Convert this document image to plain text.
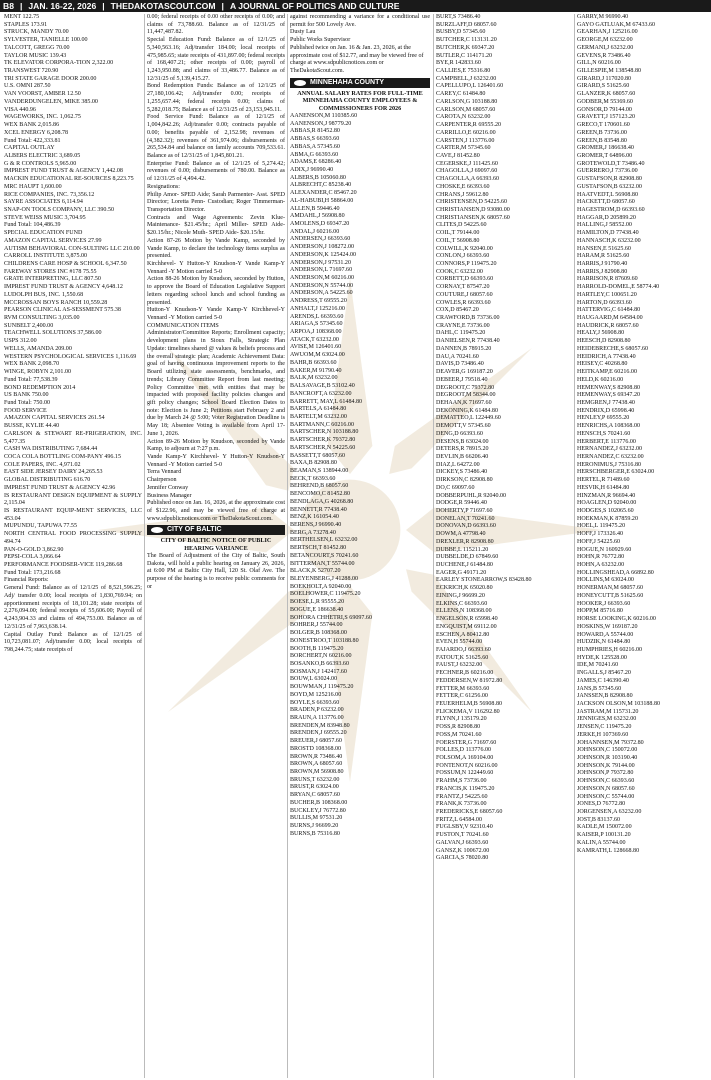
B8 | JAN. 16-22, 2026 | THEDAKOTASCOUT.COM | A JOURNAL OF POLITICS AND CULTURE

MENT 122.75

STAPLES 173.91

STRUCK, MANDY 70.00

SYLVESTER, TANIELLE 100.00

TALCOTT, GREGG 70.00

TAYLOR MUSIC 139.43

TK ELEVATOR CORPORA-TION 2,322.00

TRANSWEST 720.90

TRI STATE GARAGE DOOR 200.00

U.S. OMNI 287.50

VAN VOORST, AMBER 12.50

VANDERDUNGELEN, MIKE 385.00

VISA 440.96

WAGEWORKS, INC. 1,062.75

WEX BANK 2,015.86

XCEL ENERGY 6,208.78

Fund Total: 422,333.81

CAPITAL OUTLAY

ALBERS ELECTRIC 3,689.05

G & R CONTROLS 5,965.00

IMPREST FUND TRUST & AGENCY 1,442.08

MACKIN EDUCATIONAL RE-SOURCES 8,223.75

MRC HAUPT 1,600.00

RICE COMPANIES, INC. 73,356.12

SAYRE ASSOCIATES 6,114.94

SNAP-ON TOOLS COMPANY, LLC 390.50

STEVE WEISS MUSIC 3,704.95

Fund Total: 104,486.39

SPECIAL EDUCATION FUND

AMAZON CAPITAL SERVICES 27.99

AUTISM BEHAVIORAL CON-SULTING LLC 210.00

CARROLL INSTITUTE 3,875.00

CHILDRENS CARE HOSP & SCHOOL 6,347.50

FAREWAY STORES INC #178 75.55

GRATE INTERPRETING, LLC 807.50

IMPREST FUND TRUST & AGENCY 4,648.12

LUDOLPH BUS, INC. 1,550.68

MCCROSSAN BOYS RANCH 10,559.28

PEARSON CLINICAL AS-SESSMENT 575.38

RVM CONSULTING 3,035.00

SUNBELT 2,400.00

TEACHWELL SOLUTIONS 37,586.00

USPS 312.00

WELLS, AMANDA 209.00

WESTERN PSYCHOLOGICAL SERVICES 1,116.69

WEX BANK 2,098.70

WINGE, ROBYN 2,101.00

Fund Total: 77,538.39

BOND REDEMPTION 2014

US BANK 750.00

Fund Total: 750.00

FOOD SERVICE

AMAZON CAPITAL SERVICES 261.54

BUSSE, KYLIE 44.40

CARLSON & STEWART RE-FRIGERATION, INC. 5,477.35

CASH WA DISTRIBUTING 7,684.44

COCA COLA BOTTLING COM-PANY 496.15

COLE PAPERS, INC. 4,971.02

EAST SIDE JERSEY DAIRY 24,265.53

GLOBAL DISTRIBUTING 616.70

IMPREST FUND TRUST & AGENCY 42.96

IS RESTAURANT DESIGN EQUIPMENT & SUPPLY 2,115.04

IS RESTAURANT EQUIP-MENT SERVICES, LLC 453.04

MUPUNDU, TAPUWA 77.55

NORTH CENTRAL FOOD PROCESSING SUPPLY 494.74

PAN-O-GOLD 3,862.90

PEPSI-COLA 3,066.64

PERFORMANCE FOODSER-VICE 119,286.68

Fund Total: 173,216.68

Financial Reports:

General Fund: Balance as of 12/1/25 of 8,521,596.25; Adj/ transfer 0.00; local receipts of 1,830,769.94; on apportionment receipts of 18,101.28; state receipts of 2,276,094.00; federal receipts of 55,606.00; Payroll of 4,243,904.33 and claims of 494,753.00. Balance as of 12/31/25 of 7,963,638.14.

Capital Outlay Fund: Balance as of 12/1/25 of 10,723,081.07; Adj/transfer 0.00; local receipts of 798,244.75; state receipts of

0.00; federal receipts of 0.00 other receipts of 0.00; and claims of 73,788.60. Balance as of 12/31/25 of 11,447,487.82.

Special Education Fund: Balance as of 12/1/25 of 5,340,563.16; Adj/transfer 184.00; local receipts of 475,985.65; state receipts of 431,897.00; federal receipts of 168,407.21; other receipts of 0.00; payroll of 1,243,950.88; and claims of 33,486.77. Balance as of 12/31/25 of 5,139,415.27.

Bond Redemption Funds: Balance as of 12/1/25 of 27,180,106.42; Adj/transfer 0.00; receipts of 1,255,657.44; federal receipts 0.00; claims of 5,282,018.75; Balance as of 12/31/25 of 23,153,945.11.

Food Service Fund: Balance as of 12/1/25 of 1,004,842.26; Adj/transfer 0.00; contracts payable of 0.00; benefits payable of 2,152.98; revenues of (4,382.32); revenues of 361,974.06; disbursements of 265,534.84 and balance on family accounts 709,533.61. Balance as of 12/31/25 of 1,845,801.21.

Enterprise Fund: Balance as of 12/1/25 of 5,274.42; revenues of 0.00; disbursements of 780.00. Balance as of 12/31/25 of 4,494.42.

Resignations:

Philip Amor- SPED Aide; Sarah Parmenter- Asst. SPED Director; Loretta Penn- Custodian; Roger Timmerman- Transportation Director.

Contracts and Wage Agreements: Zevin Klue- Maintenance- $21.45/hr.; April Miller- SPED Aide- $20.15/hr.; Nicole Muth- SPED Aide- $20.15/hr.

Action 87-26 Motion by Vande Kamp, seconded by Vande Kamp, to declare the technology items surplus as presented.

Kirchhevel- Y Hutton-Y Knudson-Y Vande Kamp-Y Vennard -Y Motion carried 5-0

Action 88-26 Motion by Knudson, seconded by Hutton, to approve the Board of Education Legislative Support letters regarding school lunch and school funding as presented.

Hutton-Y Knudson-Y Vande Kamp-Y Kirchhevel-Y Vennard -Y Motion carried 5-0

COMMUNICATION ITEMS

Administrator/Committee Reports; Enrollment capacity; development plans in Sioux Falls, Strategic Plan Update: timelines shared @ values & beliefs process and the overall strategic plan; Academic Achievement Data: goal of having continuous improvement reports to the Board utilizing state assessments, benchmarks, and trends; Library Committee Report from last meeting; Policy Committee met with entities that may be impacted with proposed facility policies changes and gift policy changes; School Board Election Dates to note: Election is June 2; Petitions start February 2 and due by March 24 @ 5:00; Voter Registration Deadline is May 18; Absentee Voting is available from April 17- June 1, 2026.

Action 89-26 Motion by Knudson, seconded by Vande Kamp, to adjourn at 7:27 p.m.

Vande Kamp-Y Kirchhevel- Y Hutton-Y Knudson-Y Vennard -Y Motion carried 5-0

Terra Vennard

Chairperson

Jennifer Conway

Business Manager

Published once on Jan. 16, 2026, at the approximate cost of $122.96, and may be viewed free of charge at www.sdpublicnotices.com or TheDakotaScout.com.

CITY OF BALTIC

CITY OF BALTIC NOTICE OF PUBLIC HEARING VARIANCE

The Board of Adjustment of the City of Baltic, South Dakota, will hold a public hearing on January 26, 2026, at 6:00 PM at Baltic City Hall, 120 St. Olaf Ave. The purpose of the hearing is to receive public comments for or

against recommending a variance for a conditional use permit for 500 Lovely Ave.

Dusty Lau

Public Works Supervisor

Published twice on Jan. 16 & Jan. 23, 2026, at the approximate cost of $12.77, and may be viewed free of charge at www.sdpublicnotices.com or TheDakotaScout.com.

MINNEHAHA COUNTY

ANNUAL SALARY RATES FOR FULL-TIME MINNEHAHA COUNTY EMPLOYEES & COMMISSIONERS FOR 2026

AANENSON,M 110385.60

AANENSON,J 98779.20

ABBAS,R 81452.80

ABBAS,S 66393.60

ABBAS,A 57345.60

ABMA,G 66393.60

ADAMS,E 68286.40

ADIX,J 96990.40

ALBERS,B 105060.80

ALBRECHT,C 85238.40

ALEXANDER,C 85467.20

AL-HABUBI,H 58864.00

ALLEN,B 59446.40

AMDAHL,J 56908.80

AMOLENS,D 69347.20

ANDAL,J 60216.00

ANDERSEN,J 66393.60

ANDERSON,J 108272.00

ANDERSON,K 125424.00

ANDERSON,J 97531.20

ANDERSON,L 71697.60

ANDERSON,M 60216.00

ANDERSON,N 55744.00

ANDERSON,A 54225.60

ANDRESS,T 69555.20

ANHALT,J 125216.00

ARENDS,L 66393.60

ARIAGA,S 57345.60

ARPOA,J 108368.00

ATACK,T 63232.00

AVISE,M 126401.60

AWUOM,M 63024.00

BAHR,B 66393.60

BAKER,M 91790.40

BALK,M 63232.00

BALSAVAGE,B 53102.40

BANCROFT,A 63232.00

BARRETT, MAY,L 61484.80

BARTELS,A 61484.80

BARTELT,M 63232.00

BARTMANN,C 60216.00

BARTSCHER,N 103188.80

BARTSCHER,K 79372.80

BARTSCHER,N 54225.60

BASSETT,T 68057.60

BAXA,B 82908.80

BEAMAN,S 138944.00

BECK,T 66393.60

BEHREND,B 68057.60

BENCOMO,C 81452.80

BENDLAGA,G 40268.80

BENNETT,R 77438.40

BENZ,K 161054.40

BERENS,J 96990.40

BERG,A 73278.40

BERTHELSEN,L 63232.00

BERTSCH,T 81452.80

BETANCOURT,S 70241.60

BITTERMAN,T 55744.00

BLACK,K 52707.20

BLEYENBERG,J 41288.00

BOEKHOLT,A 92040.00

BOELHOWER,C 119475.20

BOESE,L,R 95555.20

BOGUE,E 186638.40

BOHORA CHHETRI,S 69097.60

BOHRER,J 55744.00

BOLGER,B 108368.00

BONESTROO,T 103188.80

BOOTH,B 119475.20

BORCHERT,N 60216.00

BOSANKO,B 66393.60

BOSMAN,J 142417.60

BOUW,L 63024.00

BOUWMAN,J 119475.20

BOYD,M 125216.00

BOYLE,S 66393.60

BRADEN,P 63232.00

BRAUN,A 113776.00

BRENDEN,M 83948.80

BRENDEN,J 69555.20

BREUER,J 68057.60

BROSTD 108368.00

BROWN,R 73486.40

BROWN,A 68057.60

BROWN,M 56908.80

BRUNS,T 63232.00

BRUST,R 63024.00

BRYAN,C 68057.60

BUCHER,B 108368.00

BUCKLEY,J 76772.80

BULLIS,M 97531.20

BURNS,J 96699.20

BURNS,B 75316.80

BURT,S 73486.40

BURZLAFF,D 68057.60

BUSBY,D 57345.60

BUTCHER,C 113131.20

BUTCHER,K 69347.20

BUTLER,C 114171.20

BYE,R 142833.60

CALLIES,E 75316.80

CAMPBELL,J 63232.00

CAPELLUPO,L 126401.60

CAREY,C 61484.80

CARLSON,G 103188.80

CARLSON,M 68057.60

CAROTA,N 63232.00

CARPENTER,R 69555.20

CARRILLO,E 60216.00

CARSTEN,J 113776.00

CARTER,M 57345.60

CAVE,J 81452.80

CEGERSKE,J 111425.60

CHAGOLLA,J 69097.60

CHAGOLLA,A 66393.60

CHOSKE,E 66393.60

CHRANS,J 59612.80

CHRISTENSEN,D 54225.60

CHRISTIANSEN,D 93080.00

CHRISTIANSEN,K 68057.60

CLITES,D 54225.60

COIL,T 79144.00

COIL,T 56908.80

COLWILL,K 92040.00

CONLON,J 66393.60

CONNORS,P 119475.20

COOK,C 63232.00

CORBETT,D 66393.60

CORNAY,T 87547.20

COUTURE,J 68057.60

COWLES,R 66393.60

COX,D 85467.20

CRAWFORD,B 73736.00

CRAYNE,E 73736.00

DAHL,C 119475.20

DANIELSEN,R 77438.40

DANNEN,B 78915.20

DAU,A 70241.60

DAVIS,D 73486.40

DEAVER,G 169187.20

DEBEER,J 79518.40

DEGROOT,C 79372.80

DEGROOT,M 58344.00

DEHAAN,K 71697.60

DEKONING,K 61484.80

DEMATTEO,L 122449.60

DEMOTT,V 57345.60

DENG,D 66393.60

DESENS,B 63024.00

DETERS,R 78915.20

DEVLIN,B 66206.40

DIAZ,L 64272.00

DICKEY,S 73486.40

DIRKSON,C 82908.80

DO,C 69097.60

DOBBERPUHL,R 92040.00

DODGE,R 59446.40

DOHERTY,P 71697.60

DONELAN,T 70241.60

DONOVAN,D 66393.60

DOWM,A 47798.40

DREXLER,R 82908.80

DUBBE,L 115211.20

DUBBELDE,D 67849.60

DUCHENE,J 61484.80

EAGER,G 49171.20

EARLEY STONEARROW,S 83428.80

ECKRICH,K 65020.80

EINING,J 96699.20

ELKINS,C 66393.60

ELLENS,N 108368.00

ENGELSON,R 65998.40

ENGQUIST,M 69112.00

ESCHEN,A 80412.80

EVEN,H 55744.00

FAJARDO,J 66393.60

FATOUT,K 51625.60

FAUST,J 63232.00

FECHNER,B 60216.00

FEDDERSEN,W 81972.80

FETTER,M 66393.60

FETTER,C 61256.00

FEUERHELM,B 56908.80

FLICKEMA,V 116292.80

FLYNN,J 135179.20

FOSS,R 82908.80

FOSS,M 70241.60

FOERSTER,G 71697.60

FOLLES,D 113776.00

FOLSOM,A 169104.00

FONTENOT,N 60216.00

FOSSUM,N 122449.60

FRAHM,S 73736.00

FRANCIS,K 119475.20

FRANTZ,J 54225.60

FRANK,K 73736.00

FREDERICKS,E 68057.60

FRITZ,L 64584.00

FUGLSBY,V 92310.40

FUSTON,T 70241.60

GALVAN,J 66393.60

GANSZ,K 100672.00

GARCIA,S 78020.80

GARRY,M 96990.40

GAYO GATLUAK,M 67433.60

GEARHAN,J 125216.00

GEORGE,M 63232.00

GERMANI,J 63232.00

GEVENS,R 73486.40

GILL,N 60216.00

GILLESPIE,M 138548.80

GIRARD,J 117020.80

GIRARD,S 51625.60

GLANZER,K 68057.60

GODBER,M 55369.60

GONSOR,D 79144.00

GRAVETT,J 157123.20

GRECO,T 170601.60

GREEN,B 73736.00

GREEN,B 83548.80

GROMER,J 186638.40

GROMER,T 64896.00

GROTEWOLD,T 73486.40

GUERRERO,J 73736.00

GUSTAFSON,R 82908.80

GUSTAFSON,B 63232.00

HAATVEDT,L 56908.80

HACKETT,D 68057.60

HAGESTROM,D 66393.60

HAGGAR,D 205899.20

HALLING,J 58552.00

HAMILTON,D 77438.40

HANNASCH,K 63232.00

HANSEN,E 51625.60

HARAM,R 51625.60

HARRIS,J 91790.40

HARRIS,J 82908.80

HARRISON,R 87609.60

HARROLD-DOMEL,E 58774.40

HARTLEY,C 100651.20

HARTON,D 66393.60

HATTERVIG,C 61484.80

HAUGAARD,M 64584.00

HAUDRICK,R 68057.60

HEALY,J 56908.80

HEESCH,D 82908.80

HEIDEBRECHE,S 68057.60

HEIDRICH,A 77438.40

HEISEY,C 40268.80

HEITKAMP,E 60216.00

HELD,K 60216.00

HEMENWAY,S 82908.80

HEMENWAY,S 69347.20

HEMGREN,J 77438.40

HENDRIX,D 65998.40

HENLEY,P 69555.20

HENRICHS,A 108368.00

HENSCH,S 70241.60

HERBERT,E 113776.00

HERNANDEZ,J 63232.00

HERNANDEZ,C 63232.00

HERONIMUS,J 75316.80

HERSCHBERGER,E 63024.00

HERTEL,R 71489.60

HESVIK,H 61484.80

HINZMAN,R 96694.40

HOAGLEN,D 92040.00

HODGES,S 102065.60

HOEKMAN,K 87859.20

HOEL,L 119475.20

HOFF,J 173326.40

HOFF,J 54225.60

HOGUE,N 160929.60

HOHN,R 76772.80

HOHN,A 63232.00

HOLLINGSHEAD,A 66892.80

HOLLINS,M 63024.00

HONERMAN,M 68057.60

HONEYCUTT,B 51625.60

HOOKER,J 66393.60

HOPP,M 85716.80

HORSE LOOKING,K 60216.00

HOSKINS,W 169187.20

HOWARD,A 55744.00

HUDZIK,N 61484.80

HUMPHRIES,H 60216.00

HYDE,K 125528.00

IDE,M 70241.60

INGALLS,J 85467.20

JAMES,C 146390.40

JANS,B 57345.60

JANSSEN,B 82908.80

JACKSON OLSON,M 103188.80

JASTRAM,M 115731.20

JENNIGES,M 63232.00

JENSEN,C 119475.20

JERKE,H 107369.60

JOHANNSEN,M 79372.80

JOHNSON,C 150072.00

JOHNSON,R 103190.40

JOHNSON,K 79144.00

JOHNSON,P 79372.80

JOHNSON,C 66393.60

JOHNSON,N 68057.60

JOHNSON,C 55744.00

JONES,D 76772.80

JORGENSEN,A 63232.00

JOST,B 83137.60

KADLE,M 150072.00

KAISER,P 100131.20

KALIN,A 55744.00

KAMRATH,L 128668.80
